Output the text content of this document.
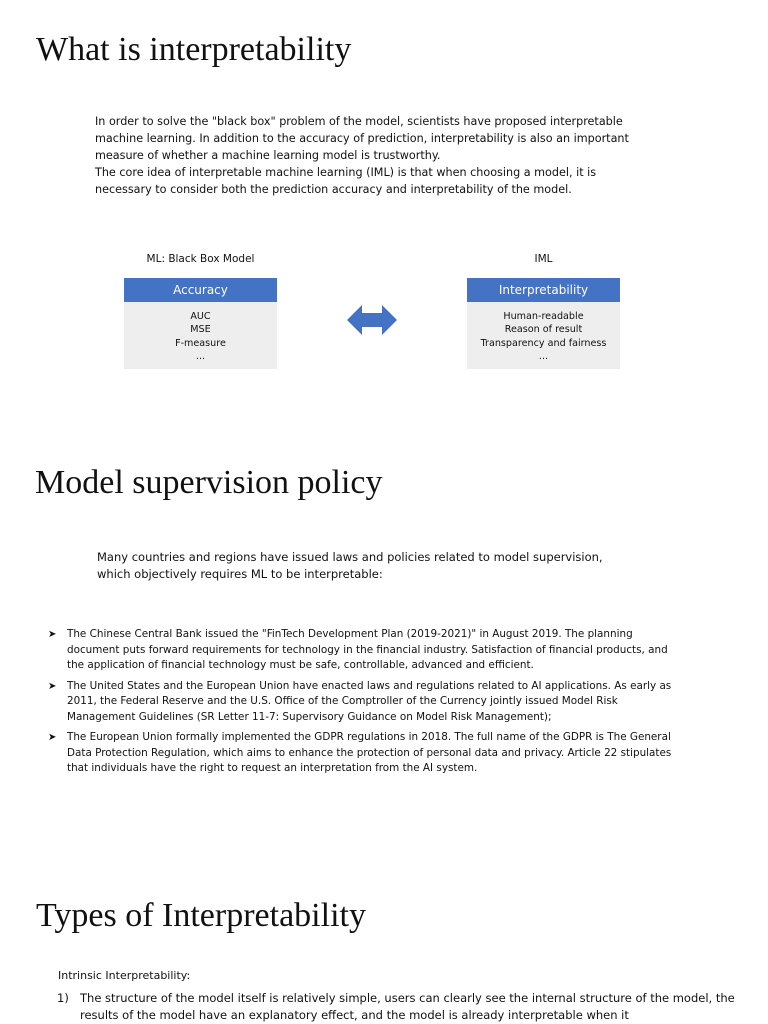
What is interpretability

In order to solve the "black box" problem of the model, scientists have proposed interpretable machine learning. In addition to the accuracy of prediction, interpretability is also an important measure of whether a machine learning model is trustworthy.

The core idea of interpretable machine learning (IML) is that when choosing a model, it is necessary to consider both the prediction accuracy and interpretability of the model.

ML: Black Box Model	IML
Accuracy
AUC
MSE
F-measure
...
Interpretability
Human-readable
Reason of result
Transparency and fairness
...
Model supervision policy
Many countries and regions have issued laws and policies related to model supervision, which objectively requires ML to be interpretable:
➤ The Chinese Central Bank issued the "FinTech Development Plan (2019-2021)" in August 2019. The planning document puts forward requirements for technology in the financial industry. Satisfaction of financial products, and the application of financial technology must be safe, controllable, advanced and efficient.
➤ The United States and the European Union have enacted laws and regulations related to AI applications. As early as 2011, the Federal Reserve and the U.S. Office of the Comptroller of the Currency jointly issued Model Risk Management Guidelines (SR Letter 11-7: Supervisory Guidance on Model Risk Management);
➤ The European Union formally implemented the GDPR regulations in 2018. The full name of the GDPR is The General Data Protection Regulation, which aims to enhance the protection of personal data and privacy. Article 22 stipulates that individuals have the right to request an interpretation from the AI system.
Types of Interpretability
Intrinsic Interpretability:
1) The structure of the model itself is relatively simple, users can clearly see the internal structure of the model, the results of the model have an explanatory effect, and the model is already interpretable when it
